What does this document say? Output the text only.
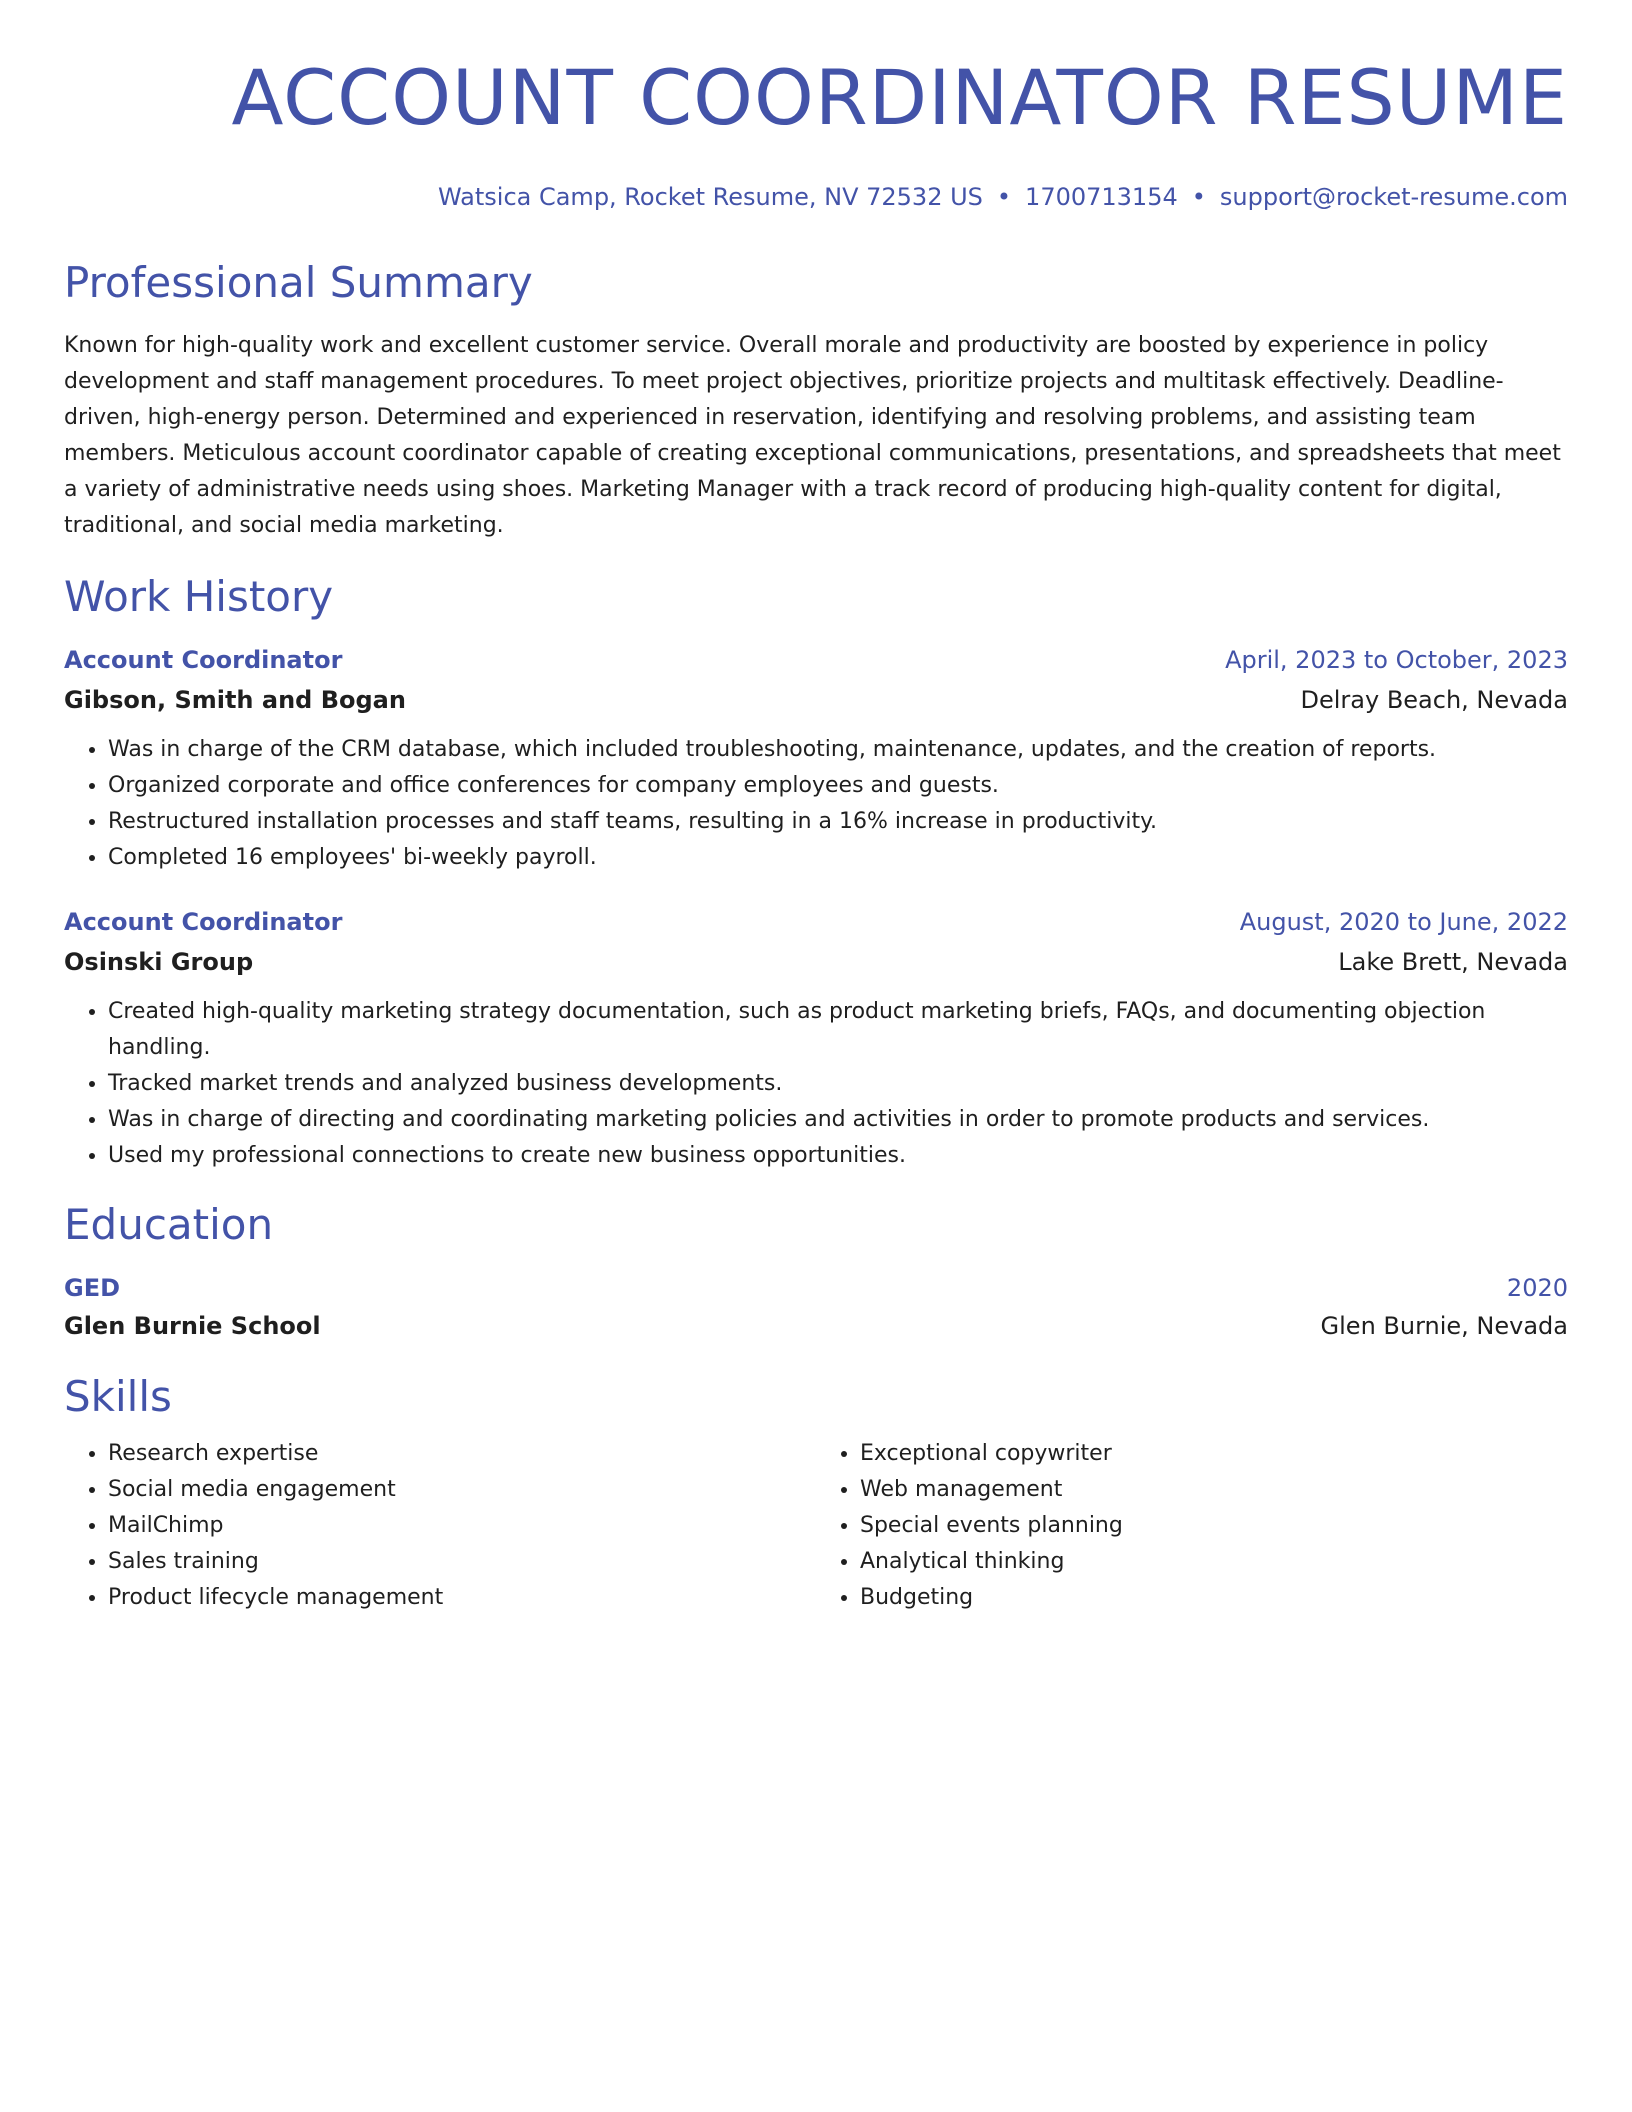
ACCOUNT COORDINATOR RESUME
Watsica Camp, Rocket Resume, NV 72532 US • 1700713154 • support@rocket-resume.com
Professional Summary
Known for high-quality work and excellent customer service. Overall morale and productivity are boosted by experience in policy development and staff management procedures. To meet project objectives, prioritize projects and multitask effectively. Deadline-driven, high-energy person. Determined and experienced in reservation, identifying and resolving problems, and assisting team members. Meticulous account coordinator capable of creating exceptional communications, presentations, and spreadsheets that meet a variety of administrative needs using shoes. Marketing Manager with a track record of producing high-quality content for digital, traditional, and social media marketing.
Work History
Account Coordinator	April, 2023 to October, 2023
Gibson, Smith and Bogan	Delray Beach, Nevada
• Was in charge of the CRM database, which included troubleshooting, maintenance, updates, and the creation of reports.
• Organized corporate and office conferences for company employees and guests.
• Restructured installation processes and staff teams, resulting in a 16% increase in productivity.
• Completed 16 employees' bi-weekly payroll.
Account Coordinator	August, 2020 to June, 2022
Osinski Group	Lake Brett, Nevada
• Created high-quality marketing strategy documentation, such as product marketing briefs, FAQs, and documenting objection handling.
• Tracked market trends and analyzed business developments.
• Was in charge of directing and coordinating marketing policies and activities in order to promote products and services.
• Used my professional connections to create new business opportunities.
Education
GED	2020
Glen Burnie School	Glen Burnie, Nevada
Skills
• Research expertise
• Social media engagement
• MailChimp
• Sales training
• Product lifecycle management
• Exceptional copywriter
• Web management
• Special events planning
• Analytical thinking
• Budgeting
